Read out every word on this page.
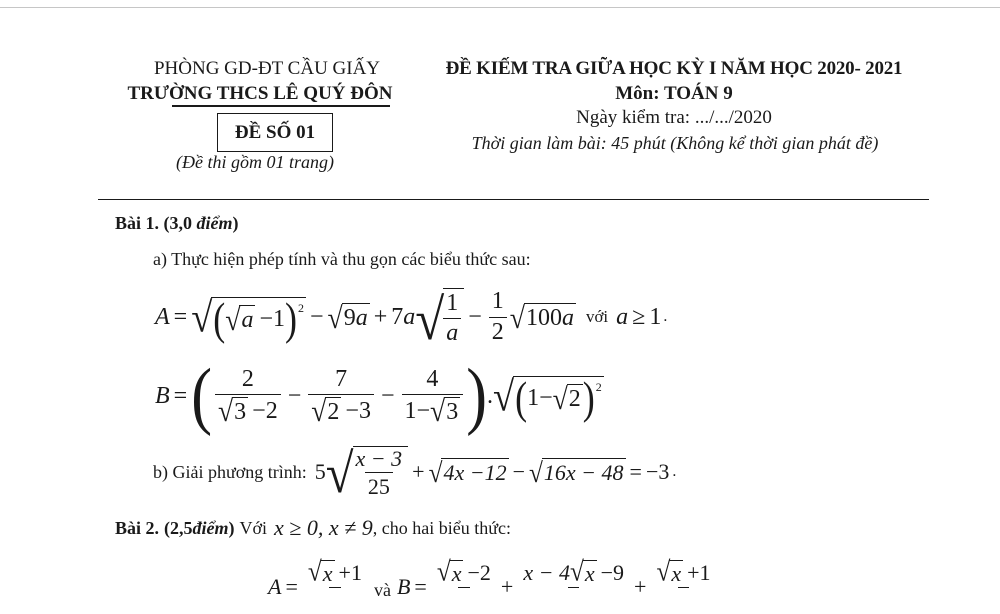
PHÒNG GD-ĐT CẦU GIẤY
TRƯỜNG THCS LÊ QUÝ ĐÔN
ĐỀ SỐ 01
(Đề thi gồm 01 trang)
ĐỀ KIẾM TRA GIỮA HỌC KỲ I NĂM HỌC 2020- 2021
Môn: TOÁN 9
Ngày kiểm tra: .../.../2020
Thời gian làm bài: 45 phút (Không kể thời gian phát đề)
Bài 1. (3,0 điểm)
a) Thực hiện phép tính và thu gọn các biểu thức sau:
A = √ ( √ a −1 )$^2$ − √ 9 a + 7 a √ $\frac{1}{a} - \frac{1}{2}$ √ 100 a với a ≥ 1 .
B = ( $\frac{2}{√ 3 -2} - \frac{7}{√ 2 -3} - \frac{4}{1- √ 3}$ ) . √ ( 1− √ 2 )$^2$
b) Giải phương trình: 5 √ $\frac{x - 3}{25}$ + √ 4x −12 − √ 16x − 48 = −3 .
Bài 2. (2,5 điểm ) Với x ≥ 0, x ≠ 9 , cho hai biểu thức:
A = √ x +1

và B = √ x −2

+
x − 4 √ x −9

+ √ x +1
